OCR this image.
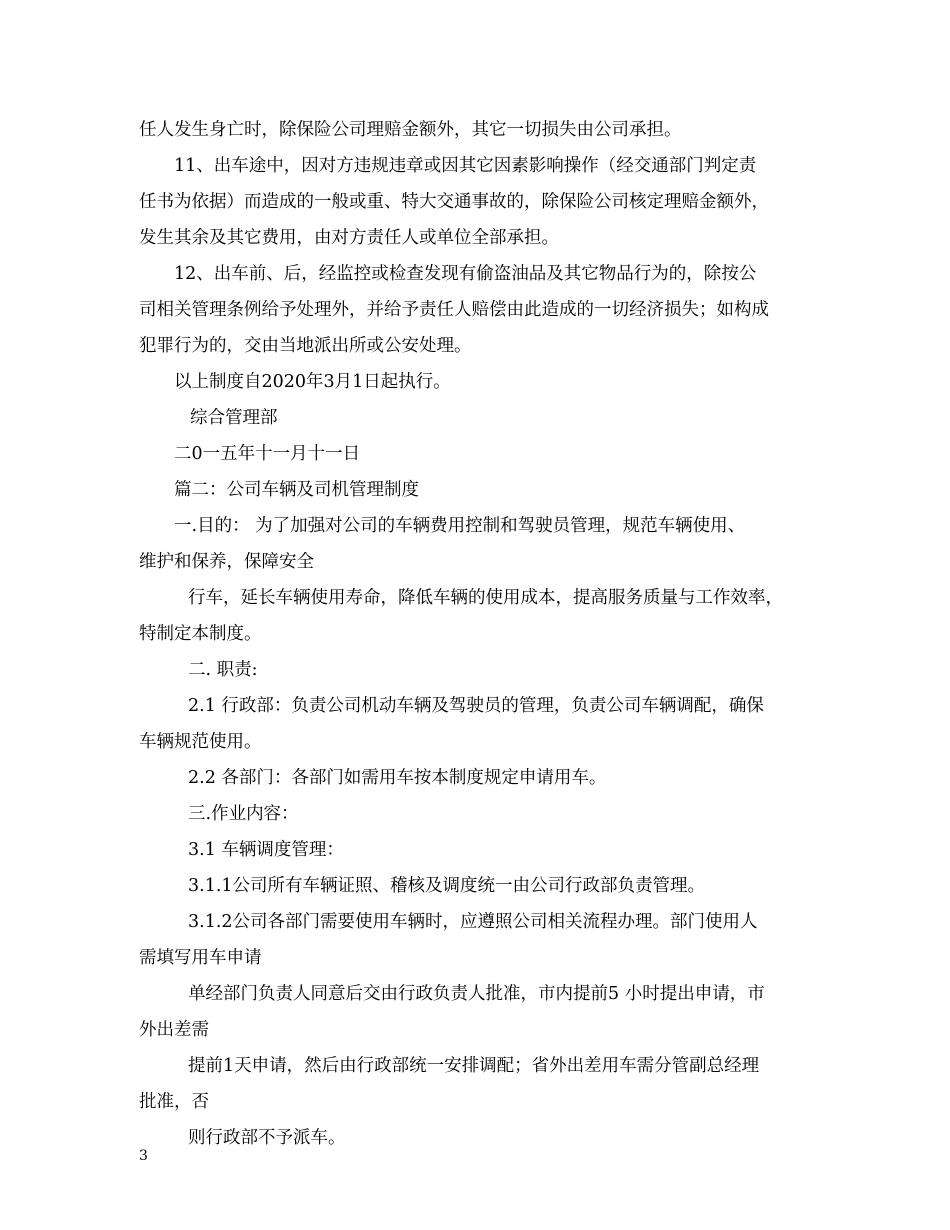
任人发生身亡时，除保险公司理赔金额外，其它一切损失由公司承担。
11、出车途中，因对方违规违章或因其它因素影响操作（经交通部门判定责
任书为依据）而造成的一般或重、特大交通事故的，除保险公司核定理赔金额外，
发生其余及其它费用，由对方责任人或单位全部承担。
12、出车前、后，经监控或检查发现有偷盗油品及其它物品行为的，除按公
司相关管理条例给予处理外，并给予责任人赔偿由此造成的一切经济损失；如构成
犯罪行为的，交由当地派出所或公安处理。
以上制度自2020年3月1日起执行。
综合管理部
二0一五年十一月十一日
篇二：公司车辆及司机管理制度
一.目的： 为了加强对公司的车辆费用控制和驾驶员管理，规范车辆使用、
维护和保养，保障安全
行车，延长车辆使用寿命，降低车辆的使用成本，提高服务质量与工作效率，
特制定本制度。
二. 职责:
2.1 行政部：负责公司机动车辆及驾驶员的管理，负责公司车辆调配，确保
车辆规范使用。
2.2 各部门：各部门如需用车按本制度规定申请用车。
三.作业内容：
3.1 车辆调度管理：
3.1.1公司所有车辆证照、稽核及调度统一由公司行政部负责管理。
3.1.2公司各部门需要使用车辆时，应遵照公司相关流程办理。部门使用人
需填写用车申请
单经部门负责人同意后交由行政负责人批准，市内提前5 小时提出申请，市
外出差需
提前1天申请，然后由行政部统一安排调配；省外出差用车需分管副总经理
批准，否
则行政部不予派车。
3
